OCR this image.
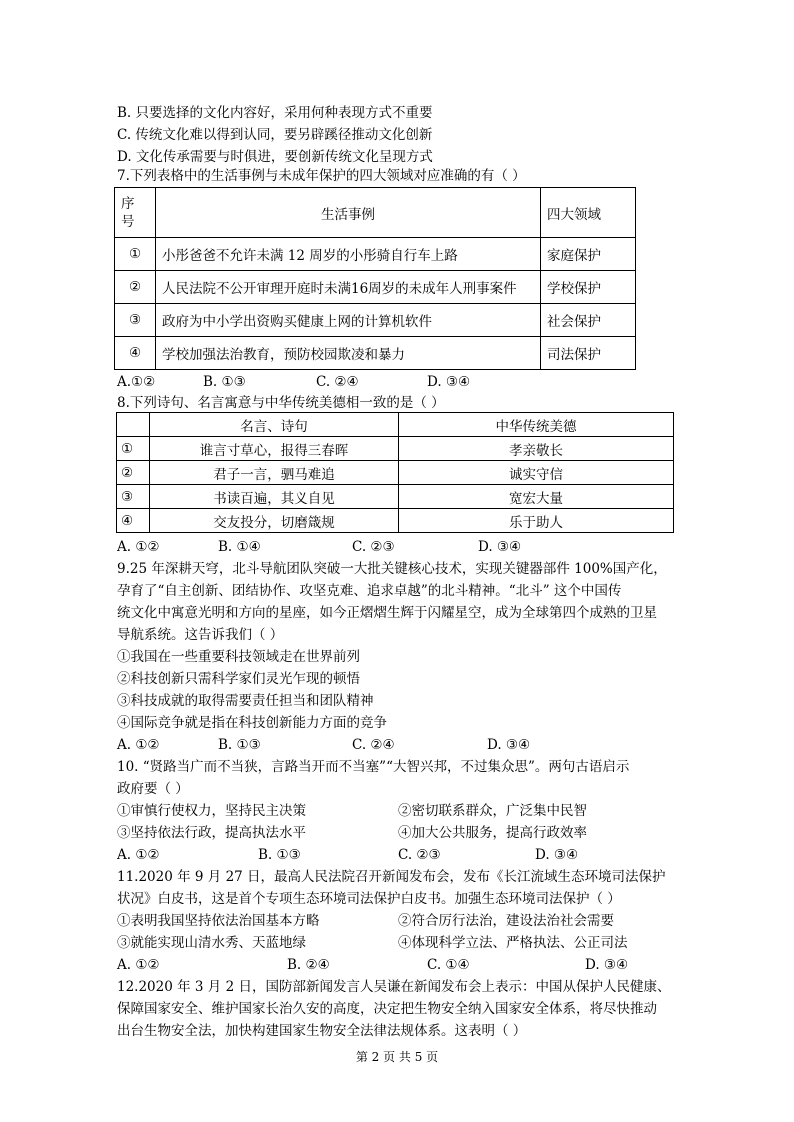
B. 只要选择的文化内容好，采用何种表现方式不重要
C. 传统文化难以得到认同，要另辟蹊径推动文化创新
D. 文化传承需要与时俱进，要创新传统文化呈现方式
7.下列表格中的生活事例与未成年保护的四大领域对应准确的有（ ）
序
号	生活事例	四大领域
①	小彤爸爸不允许未满 12 周岁的小彤骑自行车上路	家庭保护
②	人民法院不公开审理开庭时未满16周岁的未成年人刑事案件	学校保护
③	政府为中小学出资购买健康上网的计算机软件	社会保护
④	学校加强法治教育，预防校园欺凌和暴力	司法保护
A.①②	B. ①③	C. ②④	D. ③④
8.下列诗句、名言寓意与中华传统美德相一致的是（ ）
	名言、诗句	中华传统美德
①	谁言寸草心，报得三春晖	孝亲敬长
②	君子一言，驷马难追	诚实守信
③	书读百遍，其义自见	宽宏大量
④	交友投分，切磨箴规	乐于助人
A. ①②	B. ①④	C. ②③	D. ③④
9.25 年深耕天穹，北斗导航团队突破一大批关键核心技术，实现关键器部件 100%国产化，
孕育了“自主创新、团结协作、攻坚克难、追求卓越”的北斗精神。“北斗” 这个中国传
统文化中寓意光明和方向的星座，如今正熠熠生辉于闪耀星空，成为全球第四个成熟的卫星
导航系统。这告诉我们（ ）
①我国在一些重要科技领域走在世界前列
②科技创新只需科学家们灵光乍现的顿悟
③科技成就的取得需要责任担当和团队精神
④国际竞争就是指在科技创新能力方面的竞争
A. ①②	B. ①③	C. ②④	D. ③④
10. “贤路当广而不当狭，言路当开而不当塞”“大智兴邦，不过集众思”。两句古语启示
政府要（ ）
①审慎行使权力，坚持民主决策	②密切联系群众，广泛集中民智
③坚持依法行政，提高执法水平	④加大公共服务，提高行政效率
A. ①②	B. ①③	C. ②③	D. ③④
11.2020 年 9 月 27 日，最高人民法院召开新闻发布会，发布《长江流域生态环境司法保护
状况》白皮书，这是首个专项生态环境司法保护白皮书。加强生态环境司法保护（ ）
①表明我国坚持依法治国基本方略	②符合厉行法治，建设法治社会需要
③就能实现山清水秀、天蓝地绿	④体现科学立法、严格执法、公正司法
A. ①②	B. ②④	C. ①④	D. ③④
12.2020 年 3 月 2 日，国防部新闻发言人吴谦在新闻发布会上表示：中国从保护人民健康、
保障国家安全、维护国家长治久安的高度，决定把生物安全纳入国家安全体系，将尽快推动
出台生物安全法，加快构建国家生物安全法律法规体系。这表明（ ）
第 2 页 共 5 页
